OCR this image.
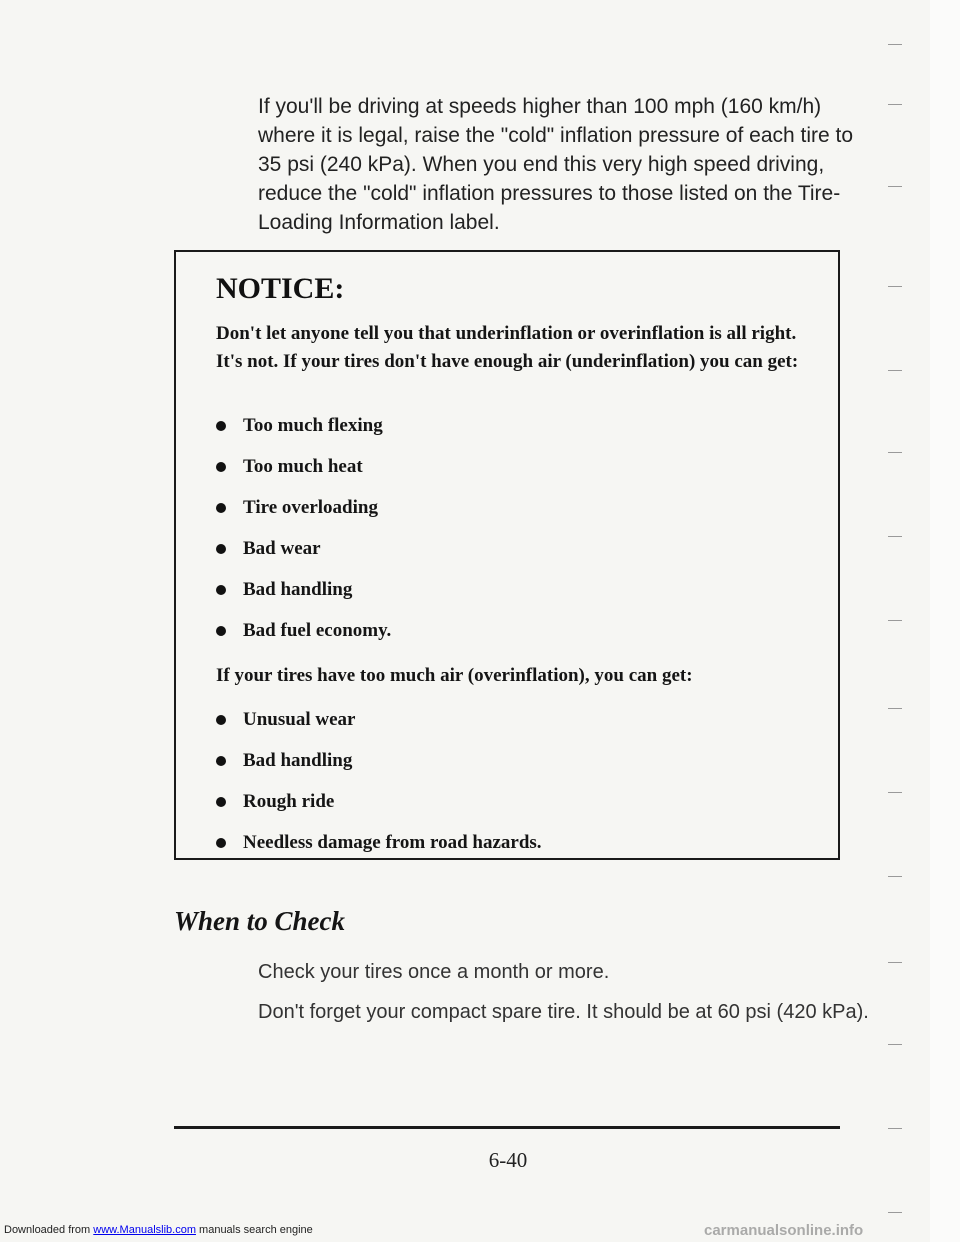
If you'll be driving at speeds higher than 100 mph (160 km/h) where it is legal, raise the "cold" inflation pressure of each tire to 35 psi (240 kPa). When you end this very high speed driving, reduce the "cold" inflation pressures to those listed on the Tire-Loading Information label.

NOTICE:

Don't let anyone tell you that underinflation or overinflation is all right. It's not. If your tires don't have enough air (underinflation) you can get:

Too much flexing
Too much heat
Tire overloading
Bad wear
Bad handling
Bad fuel economy.

If your tires have too much air (overinflation), you can get:

Unusual wear
Bad handling
Rough ride
Needless damage from road hazards.
When to Check

Check your tires once a month or more.

Don't forget your compact spare tire. It should be at 60 psi (420 kPa).

6-40
Downloaded from www.Manualslib.com manuals search engine	carmanualsonline.info
